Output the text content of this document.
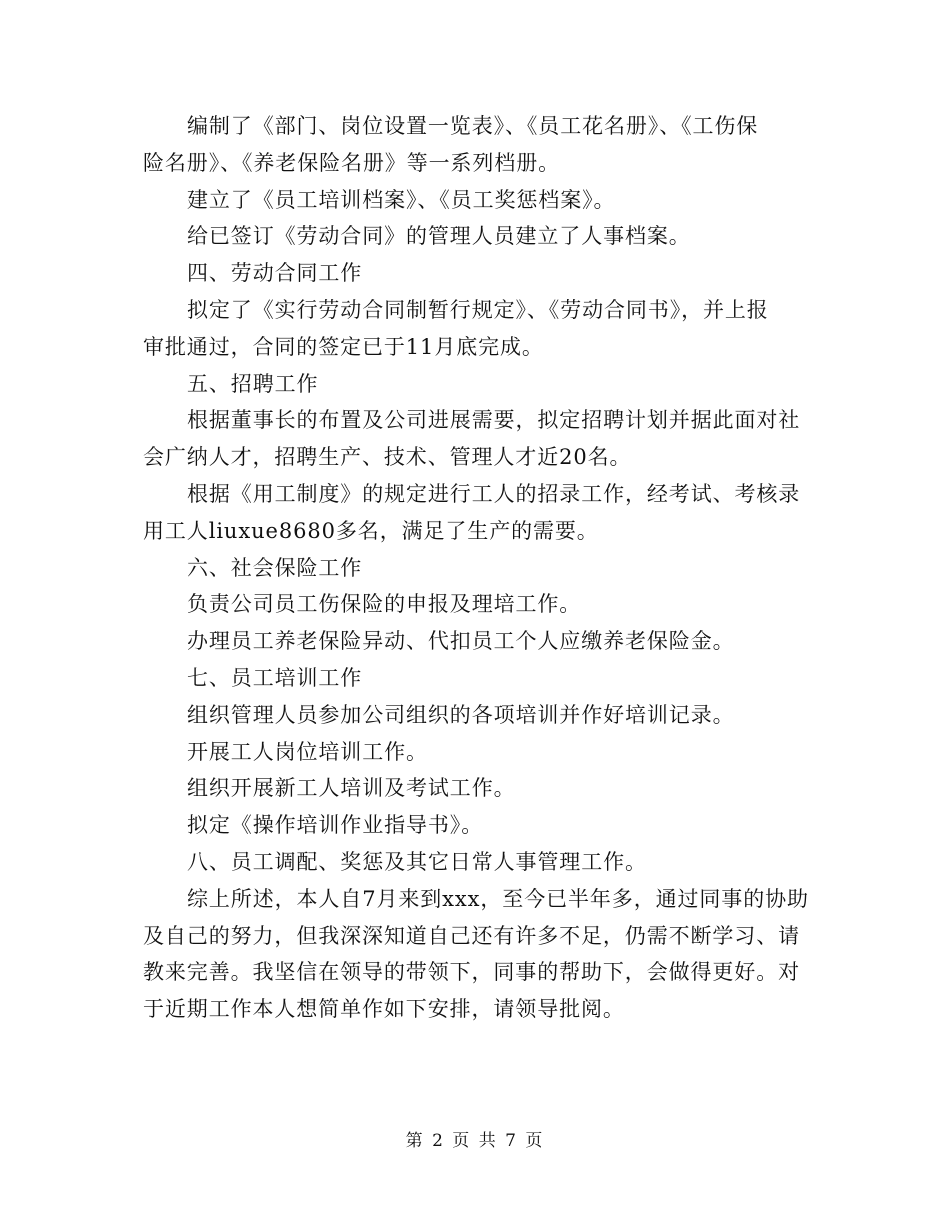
编制了《部门、岗位设置一览表》、《员工花名册》、《工伤保
险名册》、《养老保险名册》等一系列档册。
建立了《员工培训档案》、《员工奖惩档案》。
给已签订《劳动合同》的管理人员建立了人事档案。
四、劳动合同工作
拟定了《实行劳动合同制暂行规定》、《劳动合同书》，并上报
审批通过，合同的签定已于11月底完成。
五、招聘工作
根据董事长的布置及公司进展需要，拟定招聘计划并据此面对社
会广纳人才，招聘生产、技术、管理人才近20名。
根据《用工制度》的规定进行工人的招录工作，经考试、考核录
用工人liuxue8680多名，满足了生产的需要。
六、社会保险工作
负责公司员工伤保险的申报及理培工作。
办理员工养老保险异动、代扣员工个人应缴养老保险金。
七、员工培训工作
组织管理人员参加公司组织的各项培训并作好培训记录。
开展工人岗位培训工作。
组织开展新工人培训及考试工作。
拟定《操作培训作业指导书》。
八、员工调配、奖惩及其它日常人事管理工作。
综上所述，本人自7月来到xxx，至今已半年多，通过同事的协助
及自己的努力，但我深深知道自己还有许多不足，仍需不断学习、请
教来完善。我坚信在领导的带领下，同事的帮助下，会做得更好。对
于近期工作本人想简单作如下安排，请领导批阅。
第 2 页 共 7 页
